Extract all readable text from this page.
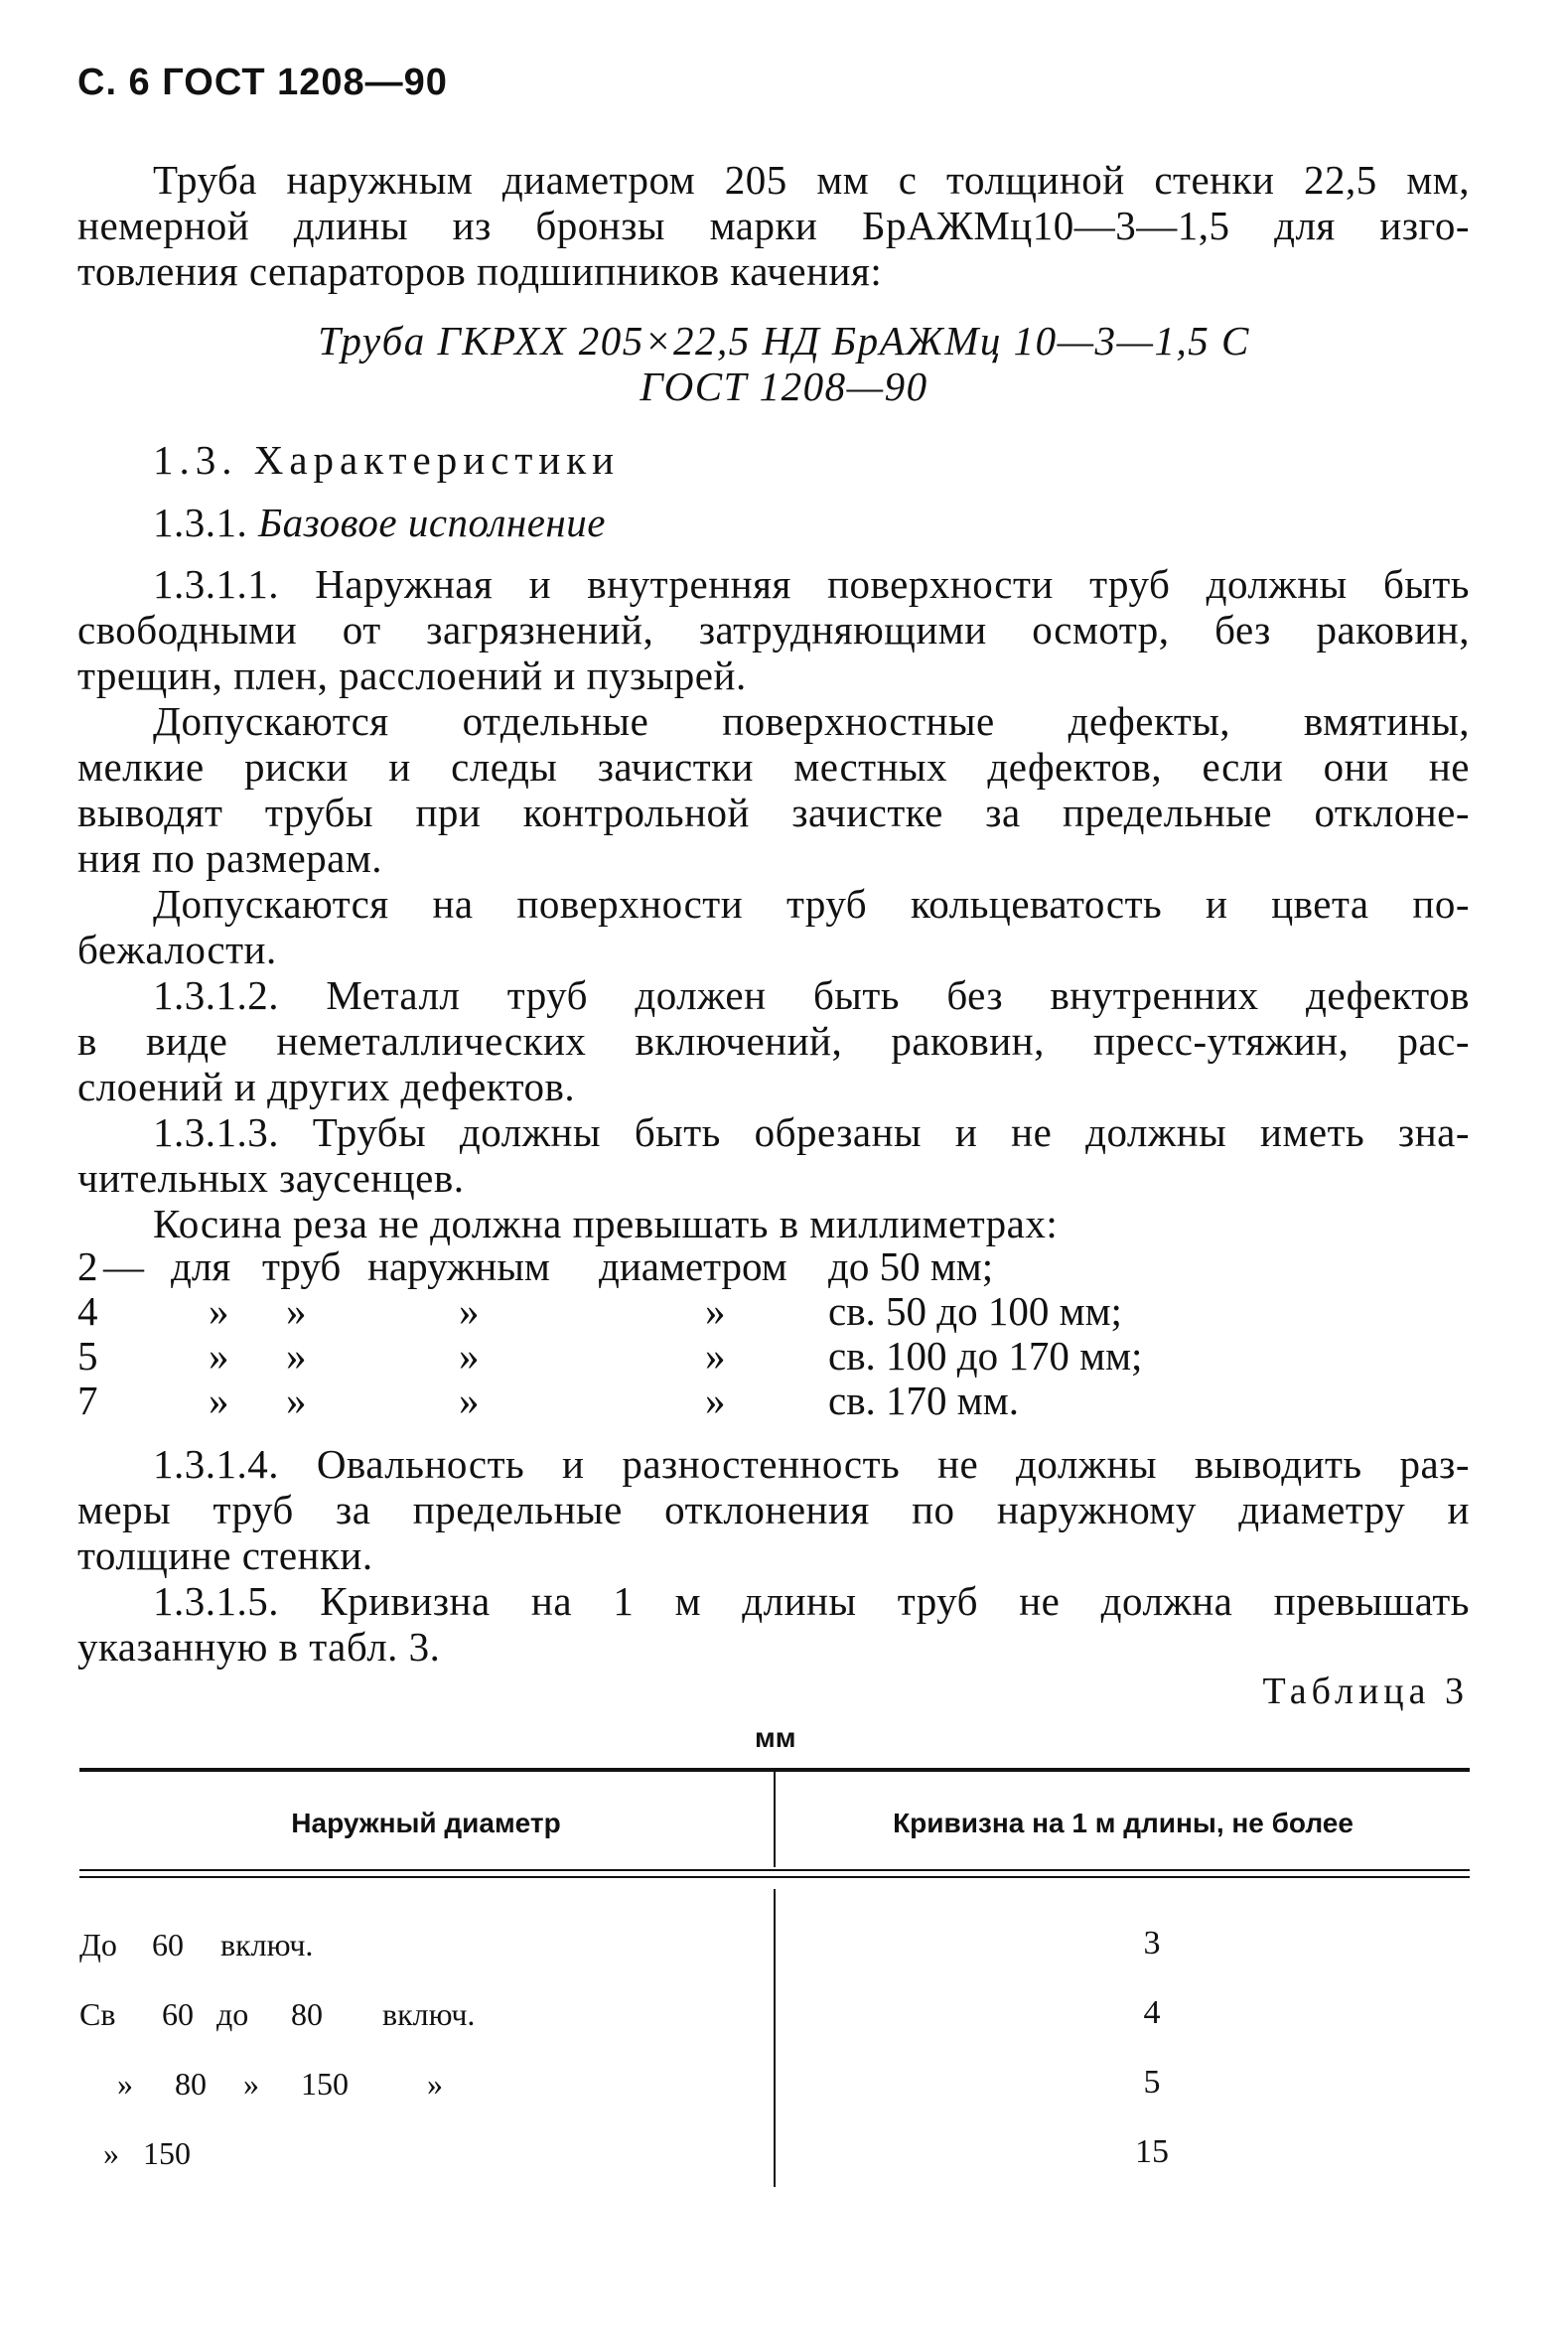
С. 6 ГОСТ 1208—90
Труба наружным диаметром 205 мм с толщиной стенки 22,5 мм,
немерной длины из бронзы марки БрАЖМц10—3—1,5 для изго-
товления сепараторов подшипников качения:
Труба ГКРХХ 205×22,5 НД БрАЖМц 10—3—1,5 С
ГОСТ 1208—90
1.3. Характеристики
1.3.1. Базовое исполнение
1.3.1.1. Наружная и внутренняя поверхности труб должны быть
свободными от загрязнений, затрудняющими осмотр, без раковин,
трещин, плен, расслоений и пузырей.
Допускаются отдельные поверхностные дефекты, вмятины,
мелкие риски и следы зачистки местных дефектов, если они не
выводят трубы при контрольной зачистке за предельные отклоне-
ния по размерам.
Допускаются на поверхности труб кольцеватость и цвета по-
бежалости.
1.3.1.2. Металл труб должен быть без внутренних дефектов
в виде неметаллических включений, раковин, пресс-утяжин, рас-
слоений и других дефектов.
1.3.1.3. Трубы должны быть обрезаны и не должны иметь зна-
чительных заусенцев.
Косина реза не должна превышать в миллиметрах:
2 — для труб наружным диаметром до 50 мм;
4	» »	»	»	св. 50 до 100 мм;
5	» »	»	»	св. 100 до 170 мм;
7	» »	»	»	св. 170 мм.
1.3.1.4. Овальность и разностенность не должны выводить раз-
меры труб за предельные отклонения по наружному диаметру и
толщине стенки.
1.3.1.5. Кривизна на 1 м длины труб не должна превышать
указанную в табл. 3.
Таблица 3
мм
Наружный диаметр	Кривизна на 1 м длины, не более
До 60 включ.	3
Св 60 до 80 включ.	4
» 80 » 150 »	5
» 150	15
